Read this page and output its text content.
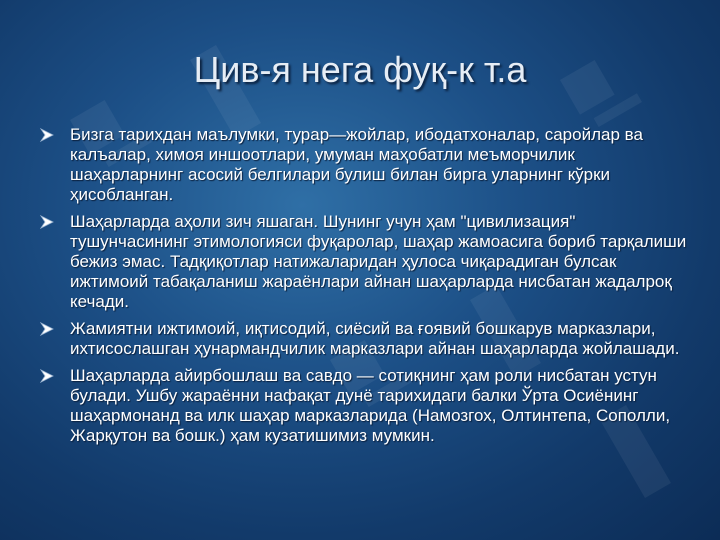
Цив-я нега фуқ-к т.а
Бизга тарихдан маълумки, турар—жойлар, ибодатхоналар, саройлар ва калъалар, химоя иншоотлари, умуман маҳобатли меъморчилик шаҳарларнинг асосий белгилари булиш билан бирга уларнинг кўрки ҳисобланган.
Шаҳарларда аҳоли зич яшаган. Шунинг учун ҳам "цивилизация" тушунчасининг этимологияси фуқаролар, шаҳар жамоасига бориб тарқалиши бежиз эмас. Тадқиқотлар натижаларидан ҳулоса чиқарадиган булсак ижтимоий табақаланиш жараёнлари айнан шаҳарларда нисбатан жадалроқ кечади.
Жамиятни ижтимоий, иқтисодий, сиёсий ва ғоявий бошкарув марказлари, ихтисослашган ҳунармандчилик марказлари айнан шаҳарларда жойлашади.
Шаҳарларда айирбошлаш ва савдо — сотиқнинг ҳам роли нисбатан устун булади. Ушбу жараённи нафақат дунё тарихидаги балки Ўрта Осиёнинг шаҳармонанд ва илк шаҳар марказларида (Намозгох, Олтинтепа, Сополли, Жарқутон ва бошк.) ҳам кузатишимиз мумкин.
